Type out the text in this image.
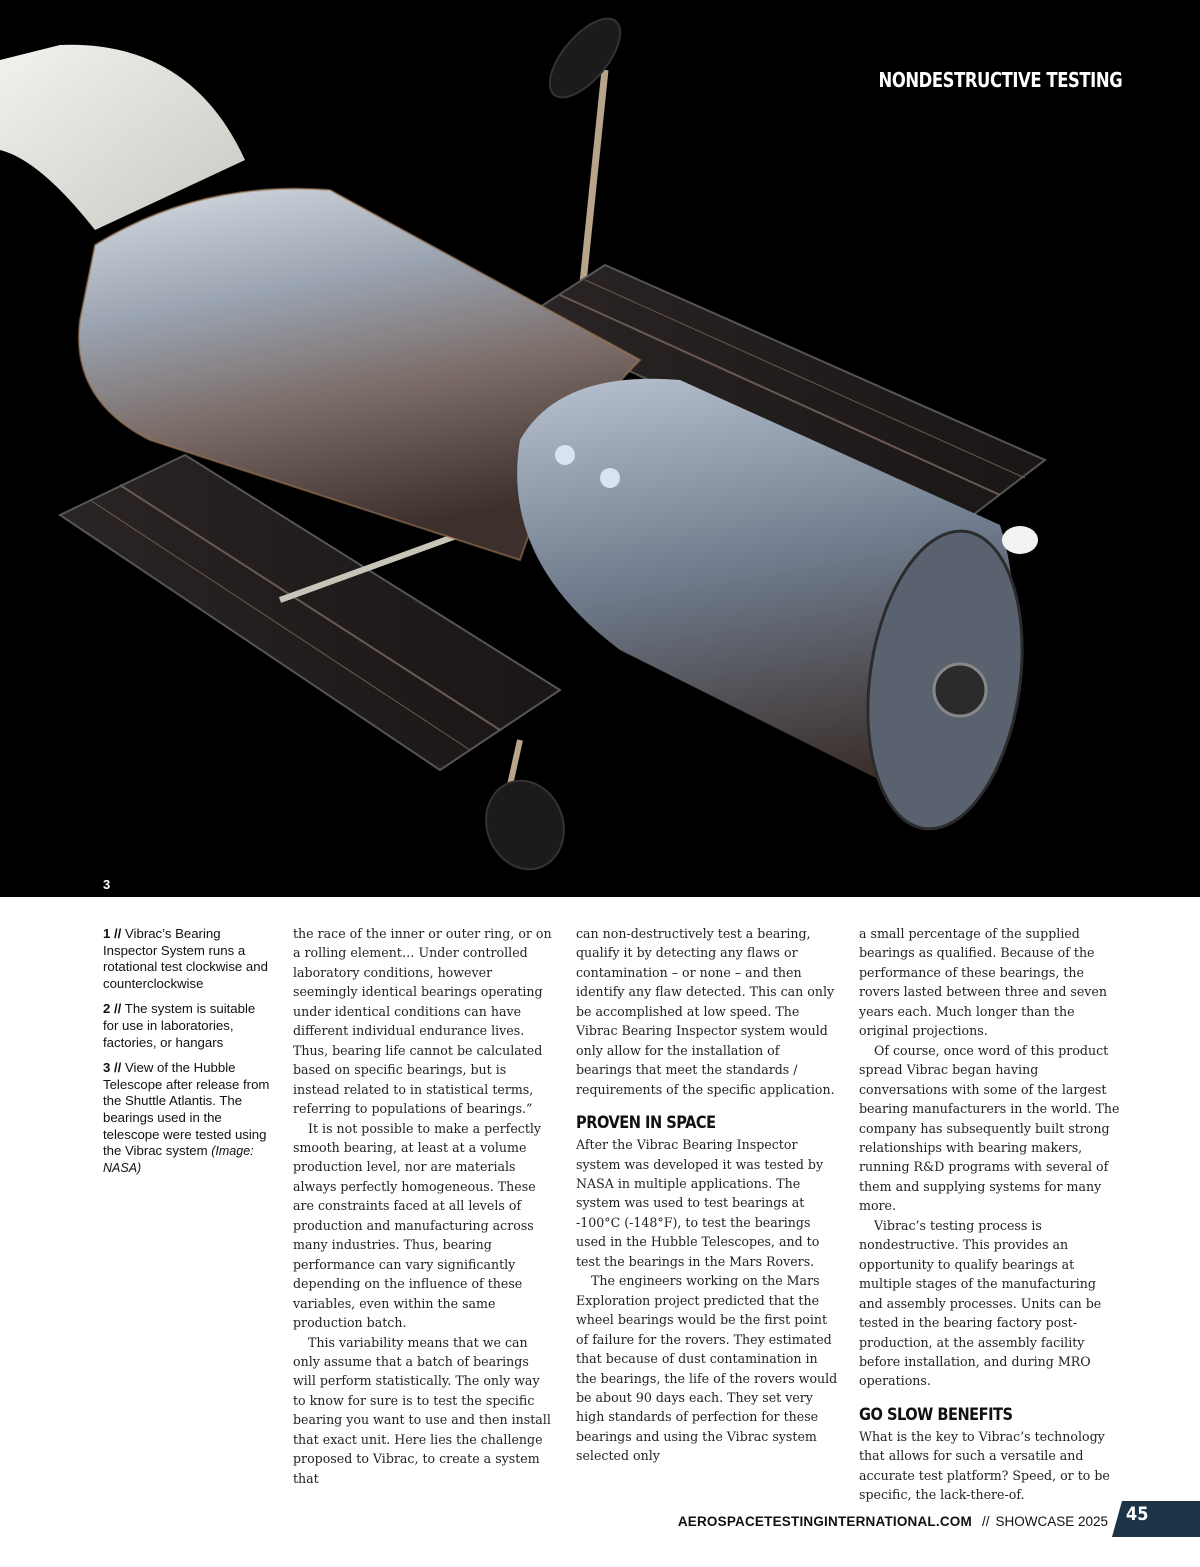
NONDESTRUCTIVE TESTING
3

1 // Vibrac’s Bearing Inspector System runs a rotational test clockwise and counterclockwise

2 // The system is suitable for use in laboratories, factories, or hangars

3 // View of the Hubble Telescope after release from the Shuttle Atlantis. The bearings used in the telescope were tested using the Vibrac system (Image: NASA)

the race of the inner or outer ring, or on a rolling element… Under controlled laboratory conditions, however seemingly identical bearings operating under identical conditions can have different individual endurance lives. Thus, bearing life cannot be calculated based on specific bearings, but is instead related to in statistical terms, referring to populations of bearings.”

It is not possible to make a perfectly smooth bearing, at least at a volume production level, nor are materials always perfectly homogeneous. These are constraints faced at all levels of production and manufacturing across many industries. Thus, bearing performance can vary significantly depending on the influence of these variables, even within the same production batch.

This variability means that we can only assume that a batch of bearings will perform statistically. The only way to know for sure is to test the specific bearing you want to use and then install that exact unit. Here lies the challenge proposed to Vibrac, to create a system that

can non-destructively test a bearing, qualify it by detecting any flaws or contamination – or none – and then identify any flaw detected. This can only be accomplished at low speed. The Vibrac Bearing Inspector system would only allow for the installation of bearings that meet the standards / requirements of the specific application.

PROVEN IN SPACE

After the Vibrac Bearing Inspector system was developed it was tested by NASA in multiple applications. The system was used to test bearings at -100°C (-148°F), to test the bearings used in the Hubble Telescopes, and to test the bearings in the Mars Rovers.

The engineers working on the Mars Exploration project predicted that the wheel bearings would be the first point of failure for the rovers. They estimated that because of dust contamination in the bearings, the life of the rovers would be about 90 days each. They set very high standards of perfection for these bearings and using the Vibrac system selected only

a small percentage of the supplied bearings as qualified. Because of the performance of these bearings, the rovers lasted between three and seven years each. Much longer than the original projections.

Of course, once word of this product spread Vibrac began having conversations with some of the largest bearing manufacturers in the world. The company has subsequently built strong relationships with bearing makers, running R&D programs with several of them and supplying systems for many more.

Vibrac’s testing process is nondestructive. This provides an opportunity to qualify bearings at multiple stages of the manufacturing and assembly processes. Units can be tested in the bearing factory post-production, at the assembly facility before installation, and during MRO operations.

GO SLOW BENEFITS

What is the key to Vibrac’s technology that allows for such a versatile and accurate test platform? Speed, or to be specific, the lack-there-of.

AEROSPACETESTINGINTERNATIONAL.COM // SHOWCASE 2025 45
